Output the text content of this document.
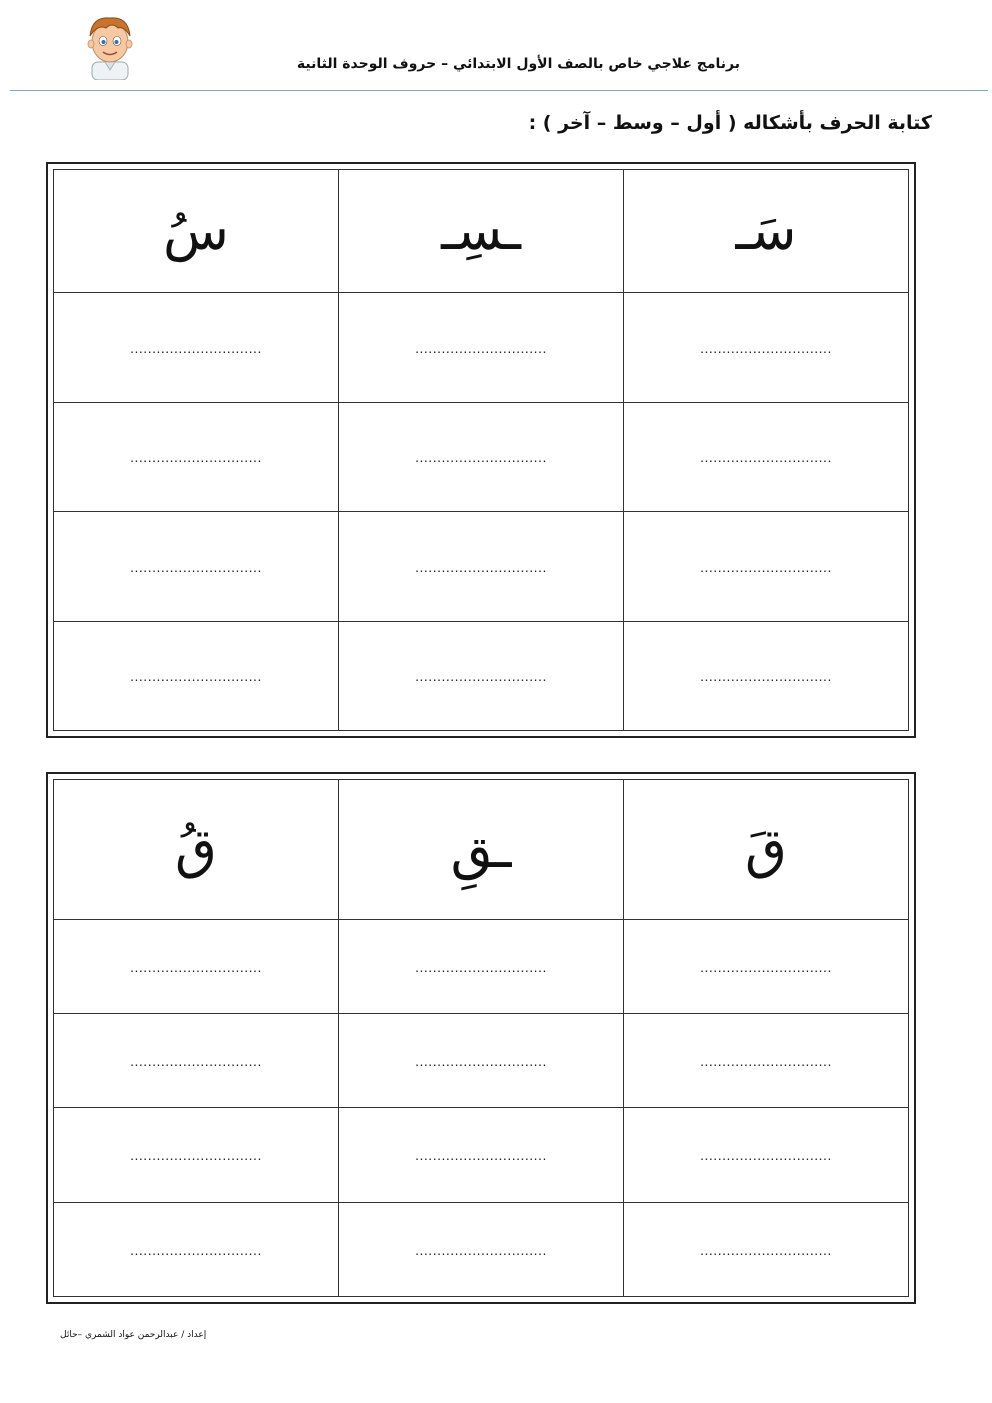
برنامج علاجي خاص بالصف الأول الابتدائي – حروف الوحدة الثانية
كتابة الحرف بأشكاله ( أول – وسط – آخر ) :
سَـ	ـسِـ	سُ
..............................	..............................	..............................
..............................	..............................	..............................
..............................	..............................	..............................
..............................	..............................	..............................
قَ	ـقِ	قُ
..............................	..............................	..............................
..............................	..............................	..............................
..............................	..............................	..............................
..............................	..............................	..............................
إعداد / عبدالرحمن عواد الشمري –حائل
